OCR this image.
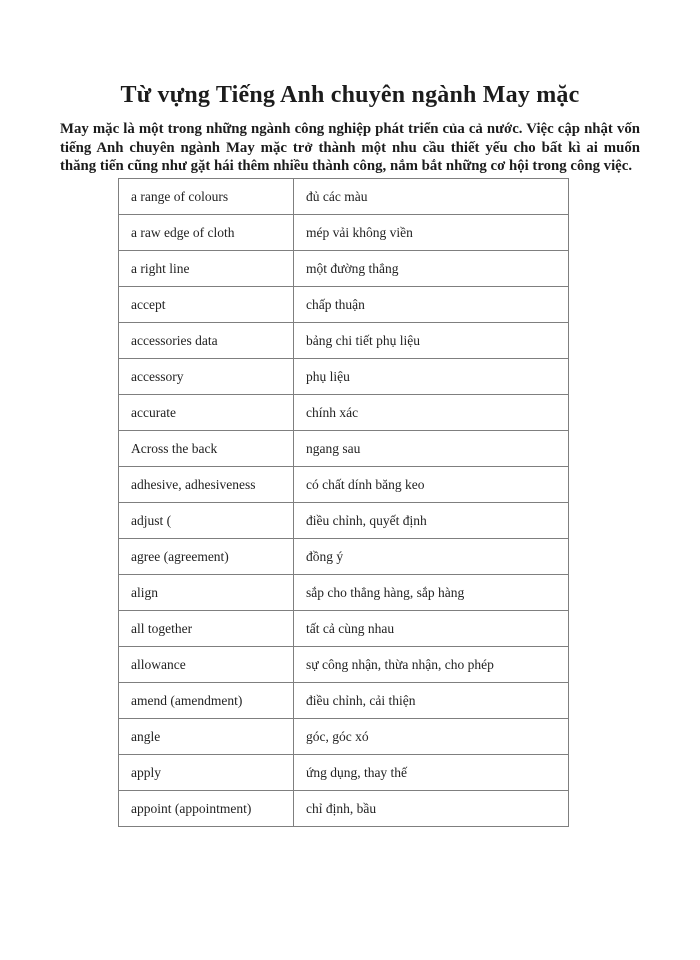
Từ vựng Tiếng Anh chuyên ngành May mặc

May mặc là một trong những ngành công nghiệp phát triển của cả nước. Việc cập nhật vốn tiếng Anh chuyên ngành May mặc trở thành một nhu cầu thiết yếu cho bất kì ai muốn thăng tiến cũng như gặt hái thêm nhiều thành công, nắm bắt những cơ hội trong công việc.

a range of colours	đủ các màu
a raw edge of cloth	mép vải không viền
a right line	một đường thẳng
accept	chấp thuận
accessories data	bảng chi tiết phụ liệu
accessory	phụ liệu
accurate	chính xác
Across the back	ngang sau
adhesive, adhesiveness	có chất dính băng keo
adjust (	điều chỉnh, quyết định
agree (agreement)	đồng ý
align	sắp cho thẳng hàng, sắp hàng
all together	tất cả cùng nhau
allowance	sự công nhận, thừa nhận, cho phép
amend (amendment)	điều chỉnh, cải thiện
angle	góc, góc xó
apply	ứng dụng, thay thế
appoint (appointment)	chỉ định, bầu
